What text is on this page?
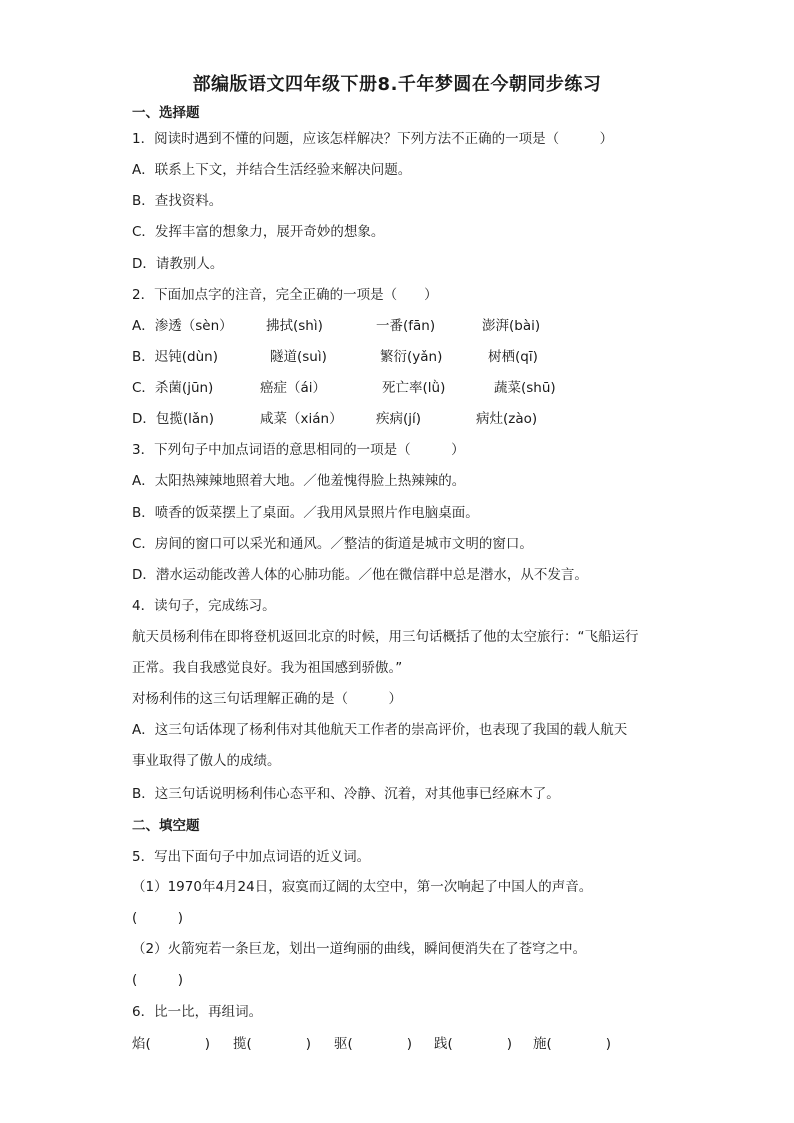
部编版语文四年级下册8.千年梦圆在今朝同步练习
一、选择题
1．阅读时遇到不懂的问题，应该怎样解决？下列方法不正确的一项是（　　　）
A．联系上下文，并结合生活经验来解决问题。
B．查找资料。
C．发挥丰富的想象力，展开奇妙的想象。
D．请教别人。
2．下面加点字的注音，完全正确的一项是（　　）
A．渗透（sèn） 拂拭(shì)	一番(fān)	澎湃(bài)
B．迟钝(dùn)	隧道(suì)	繁衍(yǎn)	树栖(qī)
C．杀菌(jūn)	癌症（ái）	死亡率(lǜ)	蔬菜(shū)
D．包揽(lǎn)	咸菜（xián） 疾病(jí)	病灶(zào)
3．下列句子中加点词语的意思相同的一项是（　　　）
A．太阳热辣辣地照着大地。／他羞愧得脸上热辣辣的。
B．喷香的饭菜摆上了桌面。／我用风景照片作电脑桌面。
C．房间的窗口可以采光和通风。／整洁的街道是城市文明的窗口。
D．潜水运动能改善人体的心肺功能。／他在微信群中总是潜水，从不发言。
4．读句子，完成练习。
航天员杨利伟在即将登机返回北京的时候，用三句话概括了他的太空旅行：“飞船运行
正常。我自我感觉良好。我为祖国感到骄傲。”
对杨利伟的这三句话理解正确的是（　　　）
A．这三句话体现了杨利伟对其他航天工作者的崇高评价，也表现了我国的载人航天
事业取得了傲人的成绩。
B．这三句话说明杨利伟心态平和、冷静、沉着，对其他事已经麻木了。
二、填空题
5．写出下面句子中加点词语的近义词。
（1）1970年4月24日，寂寞而辽阔的太空中，第一次响起了中国人的声音。
(　　　)
（2）火箭宛若一条巨龙，划出一道绚丽的曲线，瞬间便消失在了苍穹之中。
(　　　)
6．比一比，再组词。
焰(　　　　) 揽(　　　　) 驱(　　　　) 践(　　　　) 施(　　　　)
